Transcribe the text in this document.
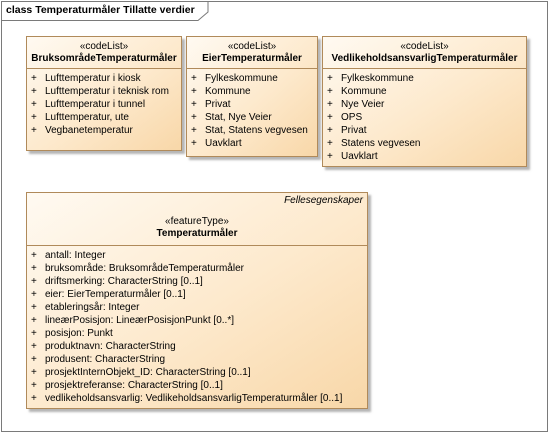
class Temperaturmåler Tillatte verdier
«codeList»
BruksområdeTemperaturmåler
+ Lufttemperatur i kiosk
+ Lufttemperatur i teknisk rom
+ Lufttemperatur i tunnel
+ Lufttemperatur, ute
+ Vegbanetemperatur
«codeList»
EierTemperaturmåler
+ Fylkeskommune
+ Kommune
+ Privat
+ Stat, Nye Veier
+ Stat, Statens vegvesen
+ Uavklart
«codeList»
VedlikeholdsansvarligTemperaturmåler
+ Fylkeskommune
+ Kommune
+ Nye Veier
+ OPS
+ Privat
+ Statens vegvesen
+ Uavklart
Fellesegenskaper
«featureType»
Temperaturmåler
+ antall: Integer
+ bruksområde: BruksområdeTemperaturmåler
+ driftsmerking: CharacterString [0..1]
+ eier: EierTemperaturmåler [0..1]
+ etableringsår: Integer
+ lineærPosisjon: LineærPosisjonPunkt [0..*]
+ posisjon: Punkt
+ produktnavn: CharacterString
+ produsent: CharacterString
+ prosjektInternObjekt_ID: CharacterString [0..1]
+ prosjektreferanse: CharacterString [0..1]
+ vedlikeholdsansvarlig: VedlikeholdsansvarligTemperaturmåler [0..1]
